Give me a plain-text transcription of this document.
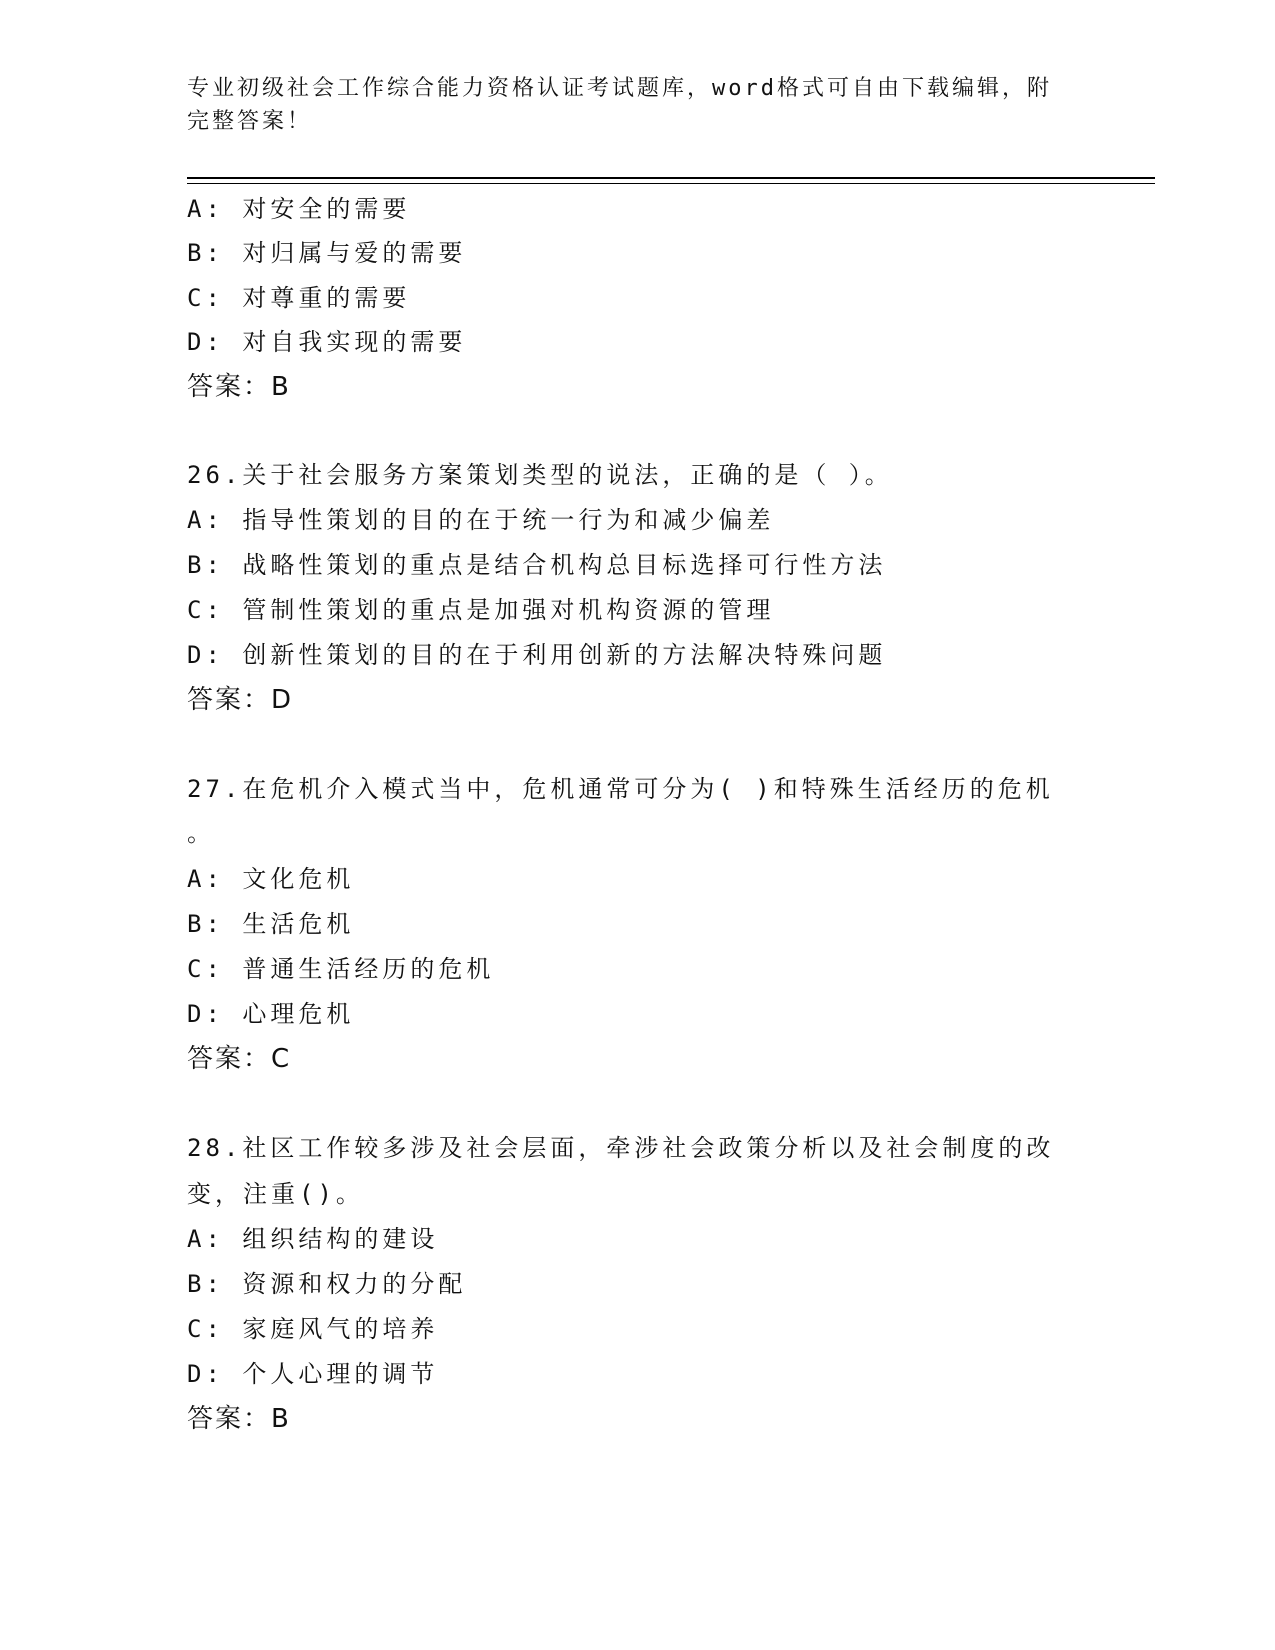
专业初级社会工作综合能力资格认证考试题库，word格式可自由下载编辑，附完整答案！

A: 对安全的需要

B: 对归属与爱的需要

C: 对尊重的需要

D: 对自我实现的需要

答案：B

26.关于社会服务方案策划类型的说法，正确的是（ ）。

A: 指导性策划的目的在于统一行为和减少偏差

B: 战略性策划的重点是结合机构总目标选择可行性方法

C: 管制性策划的重点是加强对机构资源的管理

D: 创新性策划的目的在于利用创新的方法解决特殊问题

答案：D

27.在危机介入模式当中，危机通常可分为( )和特殊生活经历的危机

。

A: 文化危机

B: 生活危机

C: 普通生活经历的危机

D: 心理危机

答案：C

28.社区工作较多涉及社会层面，牵涉社会政策分析以及社会制度的改

变，注重()。

A: 组织结构的建设

B: 资源和权力的分配

C: 家庭风气的培养

D: 个人心理的调节

答案：B
